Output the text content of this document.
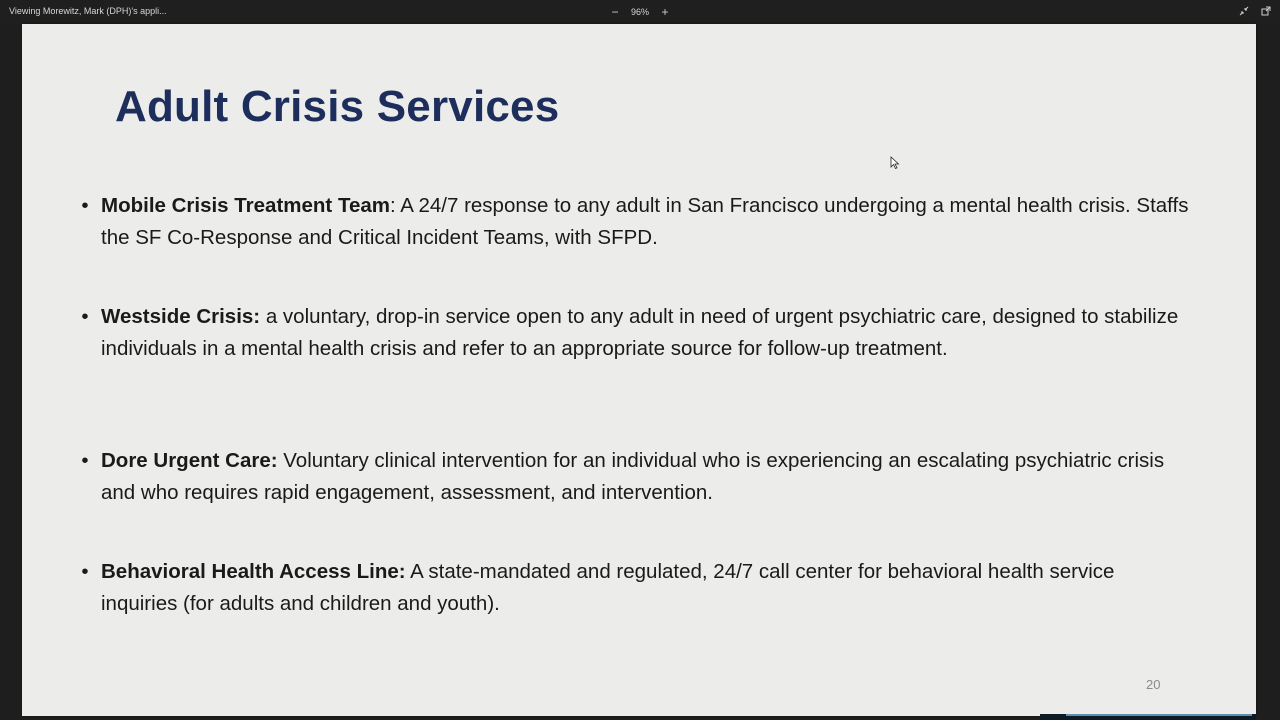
Viewing Morewitz, Mark (DPH)'s appli...	−	96% +
Adult Crisis Services
• Mobile Crisis Treatment Team: A 24/7 response to any adult in San Francisco undergoing a mental health crisis. Staffs the SF Co-Response and Critical Incident Teams, with SFPD.
• Westside Crisis: a voluntary, drop-in service open to any adult in need of urgent psychiatric care, designed to stabilize individuals in a mental health crisis and refer to an appropriate source for follow-up treatment.
• Dore Urgent Care: Voluntary clinical intervention for an individual who is experiencing an escalating psychiatric crisis and who requires rapid engagement, assessment, and intervention.
• Behavioral Health Access Line: A state-mandated and regulated, 24/7 call center for behavioral health service inquiries (for adults and children and youth).
20
